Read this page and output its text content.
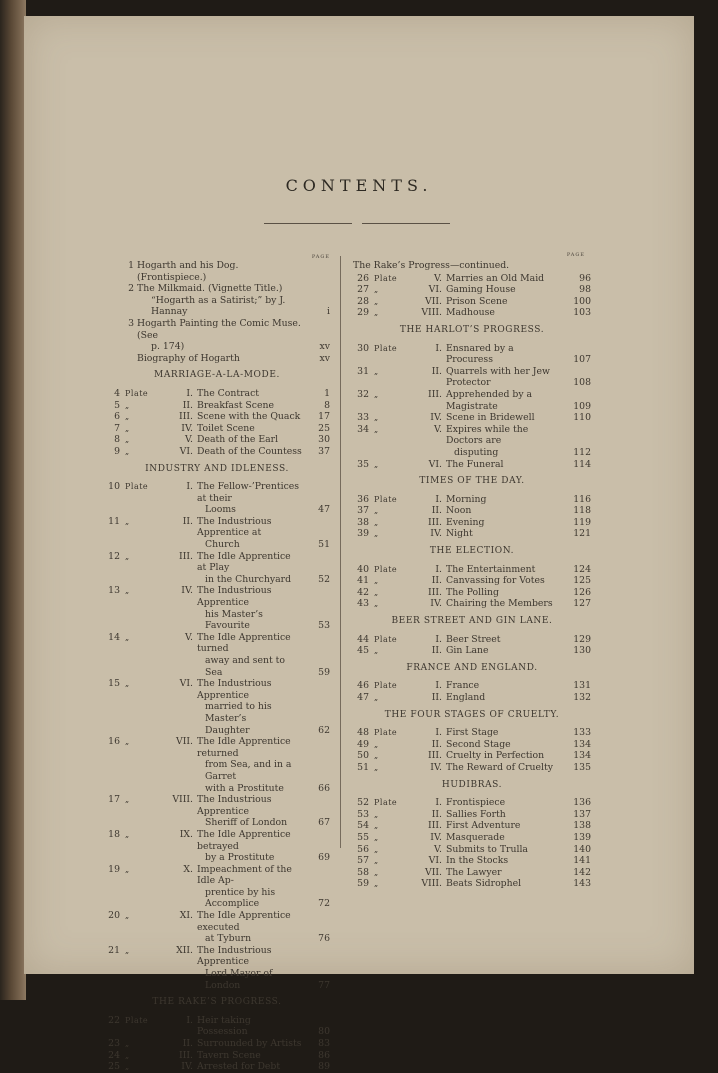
CONTENTS.
PAGE
1 Hogarth and his Dog. (Frontispiece.)
2 The Milkmaid. (Vignette Title.)
“Hogarth as a Satirist;” by J. Hannay	i
3 Hogarth Painting the Comic Muse. (See
p. 174)	xv
Biography of Hogarth	xv
MARRIAGE-A-LA-MODE.
4 Plate	I. The Contract	1
5 „	II. Breakfast Scene	8
6 „	III. Scene with the Quack	17
7 „	IV. Toilet Scene	25
8 „	V. Death of the Earl	30
9 „	VI. Death of the Countess	37
INDUSTRY AND IDLENESS.
10 Plate	I. The Fellow-’Prentices at their
Looms	47
11 „	II. The Industrious Apprentice at
Church	51
12 „	III. The Idle Apprentice at Play
in the Churchyard	52
13 „	IV. The Industrious Apprentice
his Master’s Favourite	53
14 „	V. The Idle Apprentice turned
away and sent to Sea	59
15 „	VI. The Industrious Apprentice
married to his Master’s
Daughter	62
16 „	VII. The Idle Apprentice returned
from Sea, and in a Garret
with a Prostitute	66
17 „	VIII. The Industrious Apprentice
Sheriff of London	67
18 „	IX. The Idle Apprentice betrayed
by a Prostitute	69
19 „	X. Impeachment of the Idle Ap-
prentice by his Accomplice	72
20 „	XI. The Idle Apprentice executed
at Tyburn	76
21 „	XII. The Industrious Apprentice
Lord Mayor of London	77
THE RAKE’S PROGRESS.
22 Plate	I. Heir taking Possession	80
23 „	II. Surrounded by Artists	83
24 „	III. Tavern Scene	86
25 „	IV. Arrested for Debt	89
PAGE
The Rake’s Progress—continued.
26 Plate	V. Marries an Old Maid	96
27 „	VI. Gaming House	98
28 „	VII. Prison Scene	100
29 „	VIII. Madhouse	103
THE HARLOT’S PROGRESS.
30 Plate	I. Ensnared by a Procuress	107
31 „	II. Quarrels with her Jew Protector	108
32 „	III. Apprehended by a Magistrate	109
33 „	IV. Scene in Bridewell	110
34 „	V. Expires while the Doctors are
disputing	112
35 „	VI. The Funeral	114
TIMES OF THE DAY.
36 Plate	I. Morning	116
37 „	II. Noon	118
38 „	III. Evening	119
39 „	IV. Night	121
THE ELECTION.
40 Plate	I. The Entertainment	124
41 „	II. Canvassing for Votes	125
42 „	III. The Polling	126
43 „	IV. Chairing the Members	127
BEER STREET AND GIN LANE.
44 Plate	I. Beer Street	129
45 „	II. Gin Lane	130
FRANCE AND ENGLAND.
46 Plate	I. France	131
47 „	II. England	132
THE FOUR STAGES OF CRUELTY.
48 Plate	I. First Stage	133
49 „	II. Second Stage	134
50 „	III. Cruelty in Perfection	134
51 „	IV. The Reward of Cruelty	135
HUDIBRAS.
52 Plate	I. Frontispiece	136
53 „	II. Sallies Forth	137
54 „	III. First Adventure	138
55 „	IV. Masquerade	139
56 „	V. Submits to Trulla	140
57 „	VI. In the Stocks	141
58 „	VII. The Lawyer	142
59 „	VIII. Beats Sidrophel	143
